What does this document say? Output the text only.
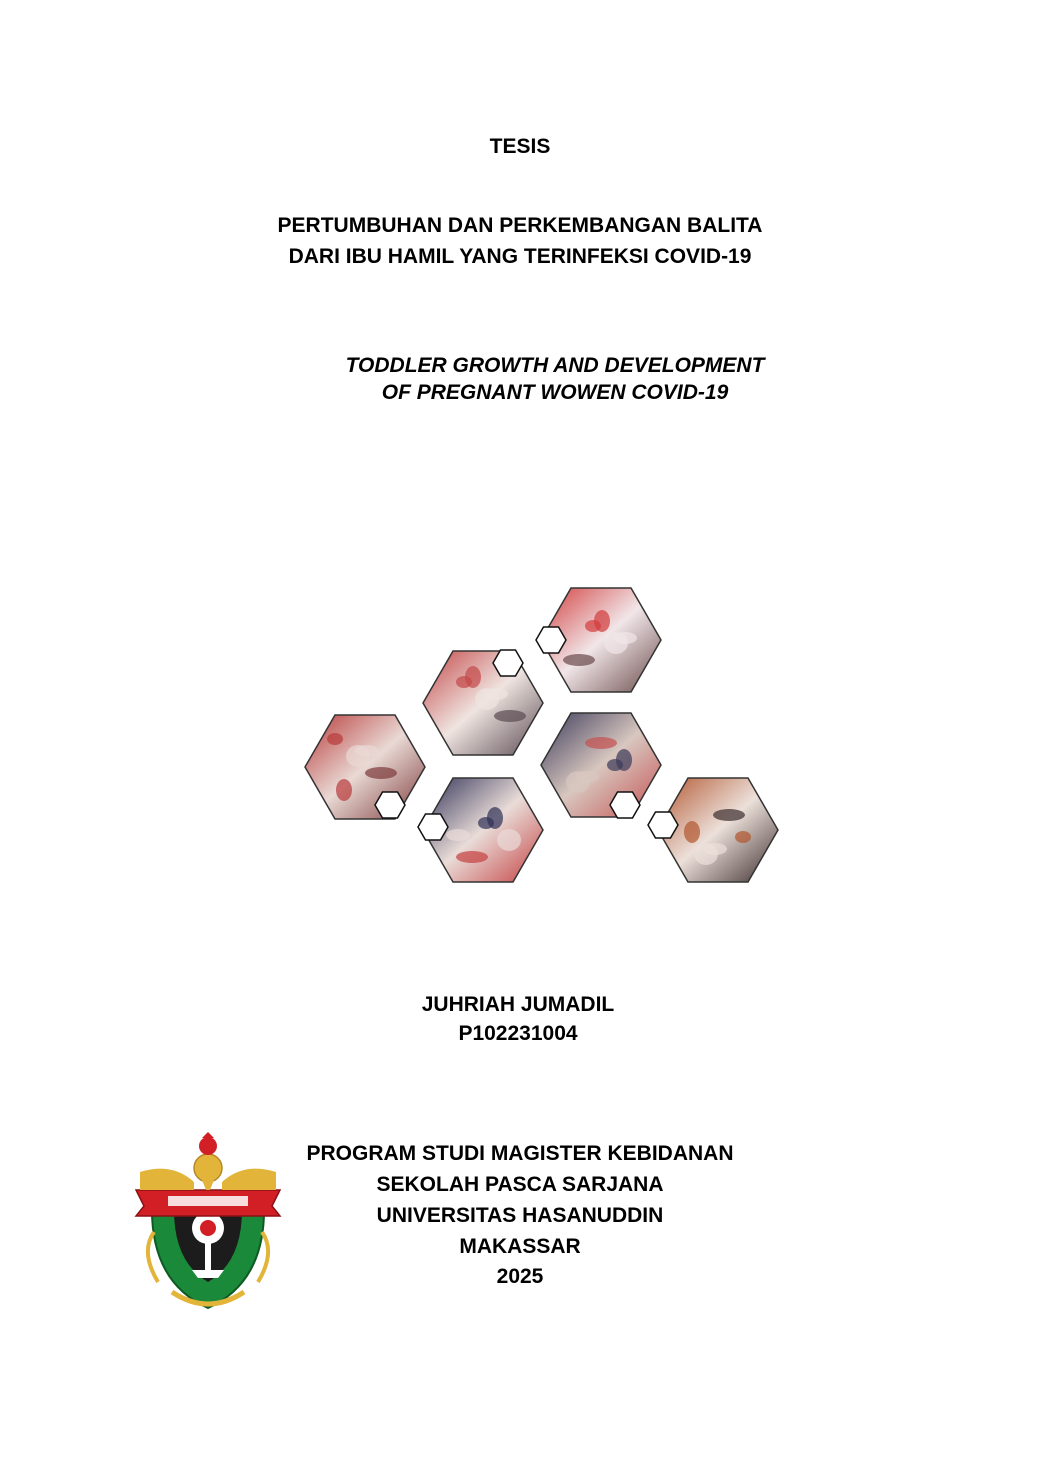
TESIS
PERTUMBUHAN DAN PERKEMBANGAN BALITA
DARI IBU HAMIL YANG TERINFEKSI COVID-19
TODDLER GROWTH AND DEVELOPMENT
OF PREGNANT WOWEN COVID-19
JUHRIAH JUMADIL
P102231004
PROGRAM STUDI MAGISTER KEBIDANAN
SEKOLAH PASCA SARJANA
UNIVERSITAS HASANUDDIN
MAKASSAR
2025
